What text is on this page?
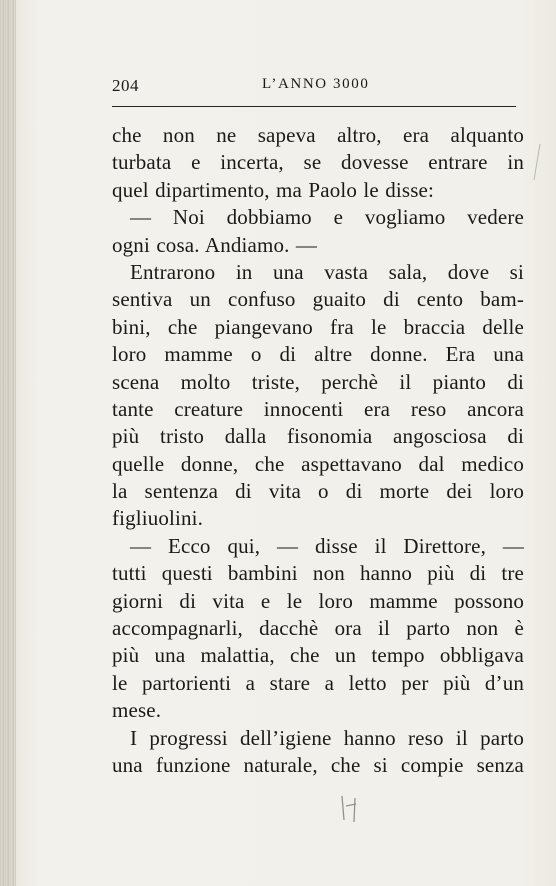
204	L’ANNO 3000
che non ne sapeva altro, era alquanto
turbata e incerta, se dovesse entrare in
quel dipartimento, ma Paolo le disse:
— Noi dobbiamo e vogliamo vedere
ogni cosa. Andiamo. —
Entrarono in una vasta sala, dove si
sentiva un confuso guaito di cento bam-
bini, che piangevano fra le braccia delle
loro mamme o di altre donne. Era una
scena molto triste, perchè il pianto di
tante creature innocenti era reso ancora
più tristo dalla fisonomia angosciosa di
quelle donne, che aspettavano dal medico
la sentenza di vita o di morte dei loro
figliuolini.
— Ecco qui, — disse il Direttore, —
tutti questi bambini non hanno più di tre
giorni di vita e le loro mamme possono
accompagnarli, dacchè ora il parto non è
più una malattia, che un tempo obbligava
le partorienti a stare a letto per più d’un
mese.
I progressi dell’igiene hanno reso il parto
una funzione naturale, che si compie senza
